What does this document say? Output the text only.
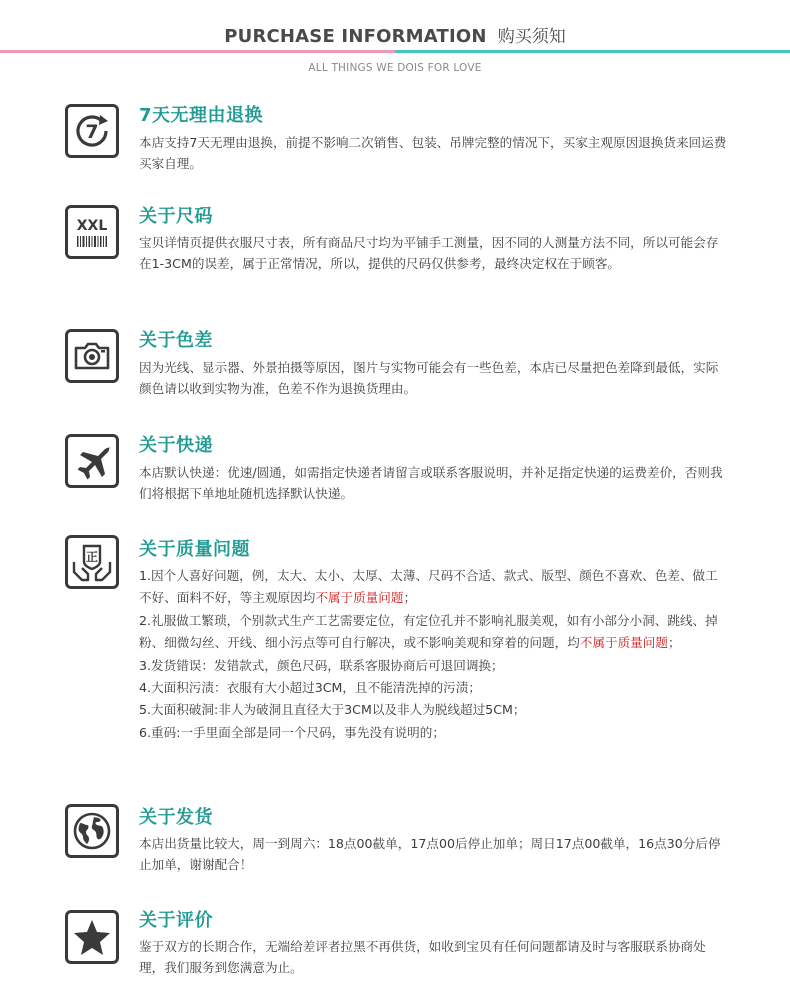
PURCHASE INFORMATION 购买须知
ALL THINGS WE DOIS FOR LOVE
7
7天无理由退换
本店支持7天无理由退换，前提不影响二次销售、包装、吊牌完整的情况下，买家主观原因退换货来回运费买家自理。
XXL 关于尺码
宝贝详情页提供衣服尺寸表，所有商品尺寸均为平铺手工测量，因不同的人测量方法不同，所以可能会存在1-3CM的误差，属于正常情况，所以，提供的尺码仅供参考，最终决定权在于顾客。
关于色差
因为光线、显示器、外景拍摄等原因，图片与实物可能会有一些色差，本店已尽量把色差降到最低，实际颜色请以收到实物为准，色差不作为退换货理由。
关于快递
本店默认快递：优速/圆通，如需指定快递者请留言或联系客服说明，并补足指定快递的运费差价，否则我们将根据下单地址随机选择默认快递。
正 关于质量问题

1.因个人喜好问题，例，太大、太小、太厚、太薄、尺码不合适、款式、版型、颜色不喜欢、色差、做工不好、面料不好，等主观原因均不属于质量问题；

2.礼服做工繁琐，个别款式生产工艺需要定位，有定位孔并不影响礼服美观，如有小部分小洞、跳线、掉粉、细微勾丝、开线、细小污点等可自行解决，或不影响美观和穿着的问题，均不属于质量问题；

3.发货错误：发错款式，颜色尺码，联系客服协商后可退回调换；

4.大面积污渍：衣服有大小超过3CM，且不能清洗掉的污渍；

5.大面积破洞:非人为破洞且直径大于3CM以及非人为脱线超过5CM；

6.重码:一手里面全部是同一个尺码，事先没有说明的；

关于发货
本店出货量比较大，周一到周六：18点00截单，17点00后停止加单；周日17点00截单，16点30分后停止加单，谢谢配合！
关于评价
鉴于双方的长期合作，无端给差评者拉黑不再供货，如收到宝贝有任何问题都请及时与客服联系协商处理，我们服务到您满意为止。
